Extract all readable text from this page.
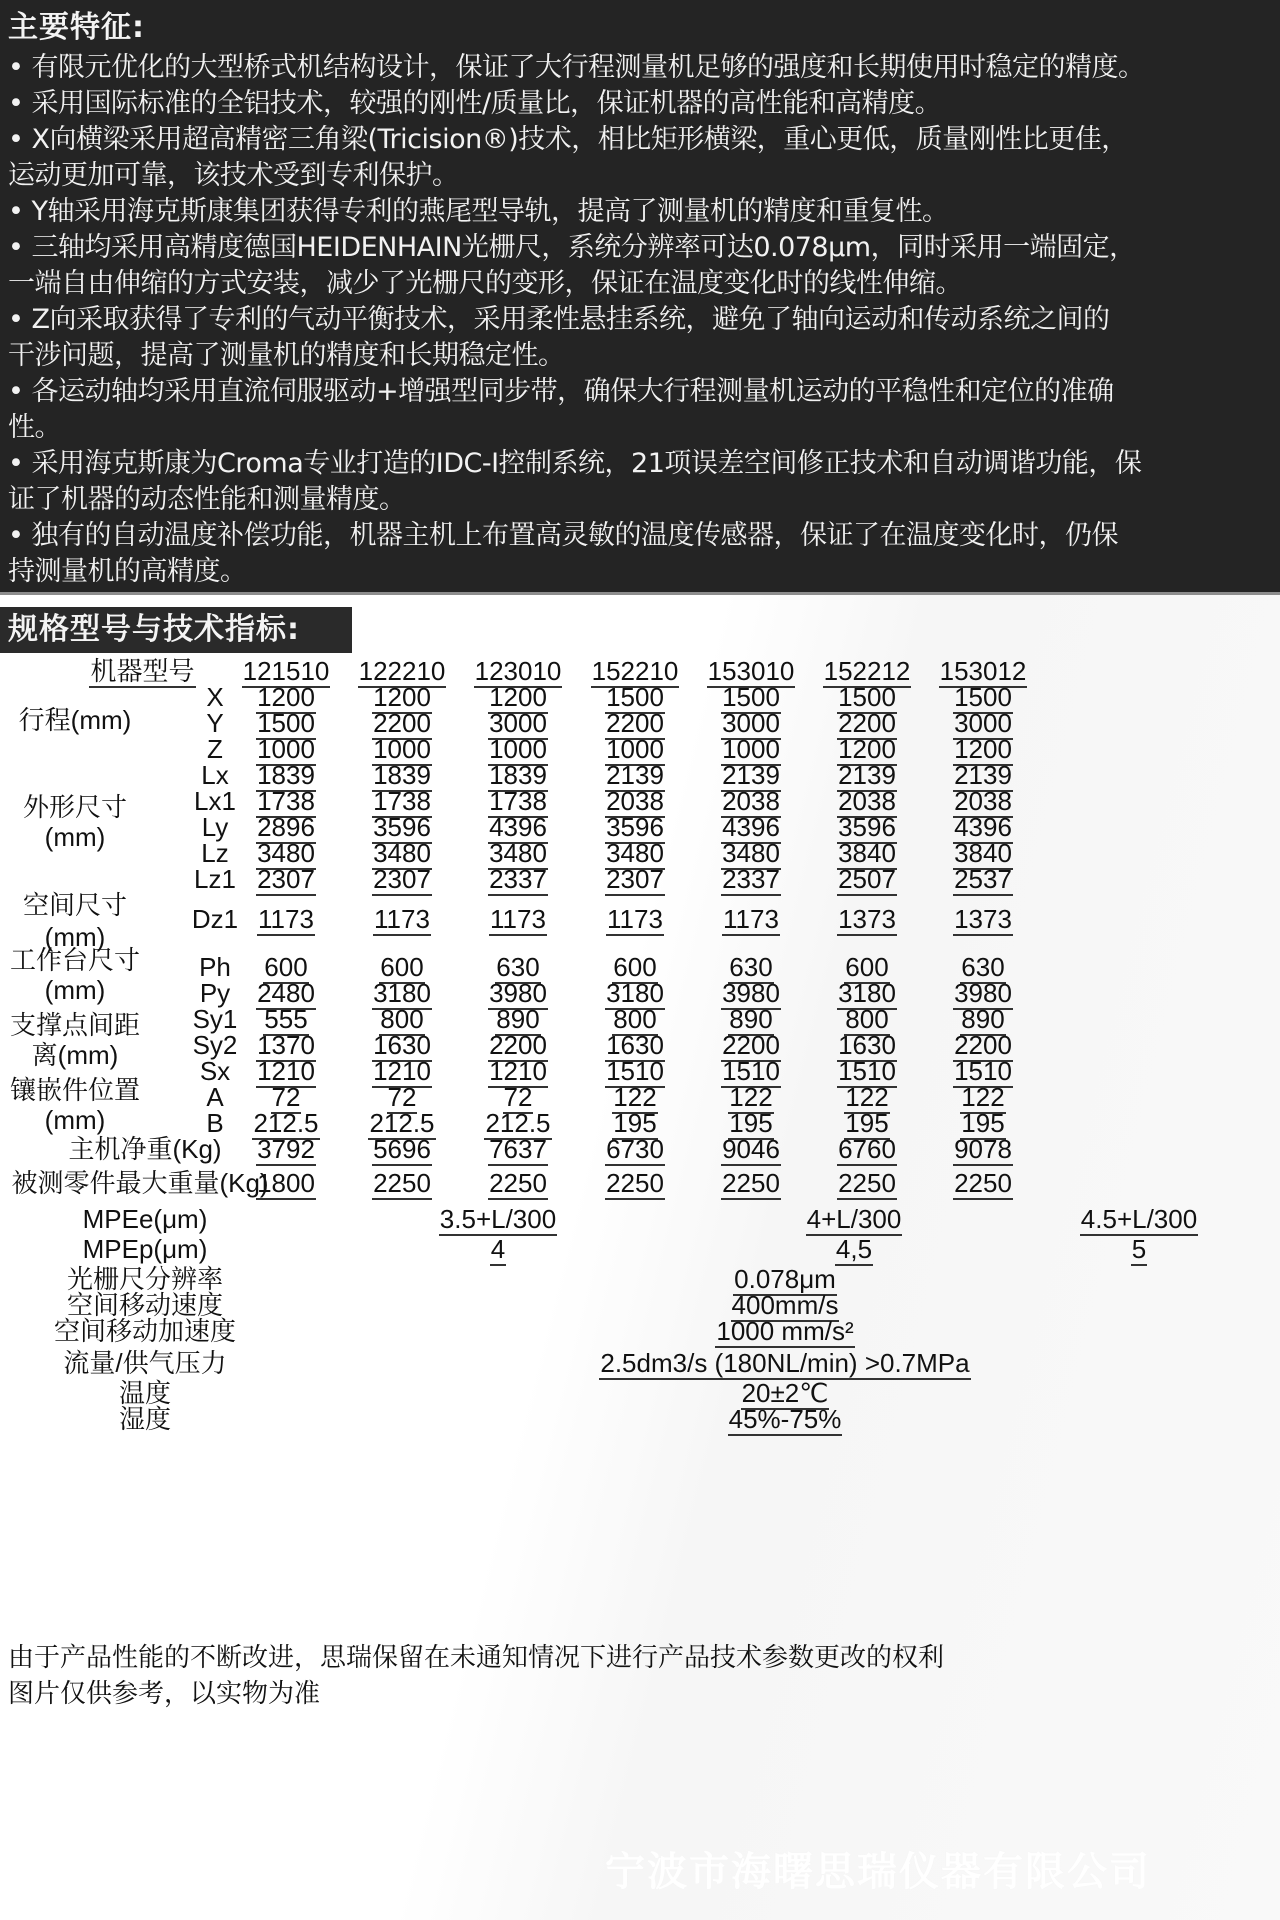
主要特征:
• 有限元优化的大型桥式机结构设计，保证了大行程测量机足够的强度和长期使用时稳定的精度。
• 采用国际标准的全铝技术，较强的刚性/质量比，保证机器的高性能和高精度。
• X向横梁采用超高精密三角梁(Tricision®)技术，相比矩形横梁，重心更低，质量刚性比更佳，
运动更加可靠，该技术受到专利保护。
• Y轴采用海克斯康集团获得专利的燕尾型导轨，提高了测量机的精度和重复性。
• 三轴均采用高精度德国HEIDENHAIN光栅尺，系统分辨率可达0.078μm，同时采用一端固定，
一端自由伸缩的方式安装，减少了光栅尺的变形，保证在温度变化时的线性伸缩。
• Z向采取获得了专利的气动平衡技术，采用柔性悬挂系统，避免了轴向运动和传动系统之间的
干涉问题，提高了测量机的精度和长期稳定性。
• 各运动轴均采用直流伺服驱动+增强型同步带，确保大行程测量机运动的平稳性和定位的准确
性。
• 采用海克斯康为Croma专业打造的IDC-I控制系统，21项误差空间修正技术和自动调谐功能，保
证了机器的动态性能和测量精度。
• 独有的自动温度补偿功能，机器主机上布置高灵敏的温度传感器，保证了在温度变化时，仍保
持测量机的高精度。
规格型号与技术指标:
机器型号	121510	122210	123010	152210	153010	152212	153012
X	1200	1200	1200	1500	1500	1500	1500
Y	1500	2200	3000	2200	3000	2200	3000
Z	1000	1000	1000	1000	1000	1200	1200
行程(mm)
Lx	1839	1839	1839	2139	2139	2139	2139
Lx1 1738	1738	1738	2038	2038	2038	2038
Ly	2896	3596	4396	3596	4396	3596	4396
Lz	3480	3480	3480	3480	3480	3840	3840
Lz1 2307	2307	2337	2307	2337	2507	2537
外形尺寸
(mm)
Dz1 1173	1173	1173	1173	1173	1373	1373
空间尺寸
(mm)
Ph	600	600	630	600	630	600	630
Py	2480	3180	3980	3180	3980	3180	3980
工作台尺寸
(mm)
Sy1	555	800	890	800	890	800	890
Sy2 1370	1630	2200	1630	2200	1630	2200
Sx	1210	1210	1210	1510	1510	1510	1510
支撑点间距
离(mm)
A	72	72	72	122	122	122	122
B	212.5	212.5	212.5	195	195	195	195
镶嵌件位置
(mm)
主机净重(Kg)	3792	5696	7637	6730	9046	6760	9078
被测零件最大重量(Kg)
1800	2250	2250	2250	2250	2250	2250
MPEe(μm)	3.5+L/300	4+L/300	4.5+L/300
MPEp(μm)	4	4,5	5
光栅尺分辨率	0.078μm
空间移动速度	400mm/s
空间移动加速度	1000 mm/s²
流量/供气压力	2.5dm3/s (180NL/min) >0.7MPa
温度	20±2℃
湿度	45%-75%
由于产品性能的不断改进，思瑞保留在未通知情况下进行产品技术参数更改的权利
图片仅供参考，以实物为准
宁波市海曙思瑞仪器有限公司
